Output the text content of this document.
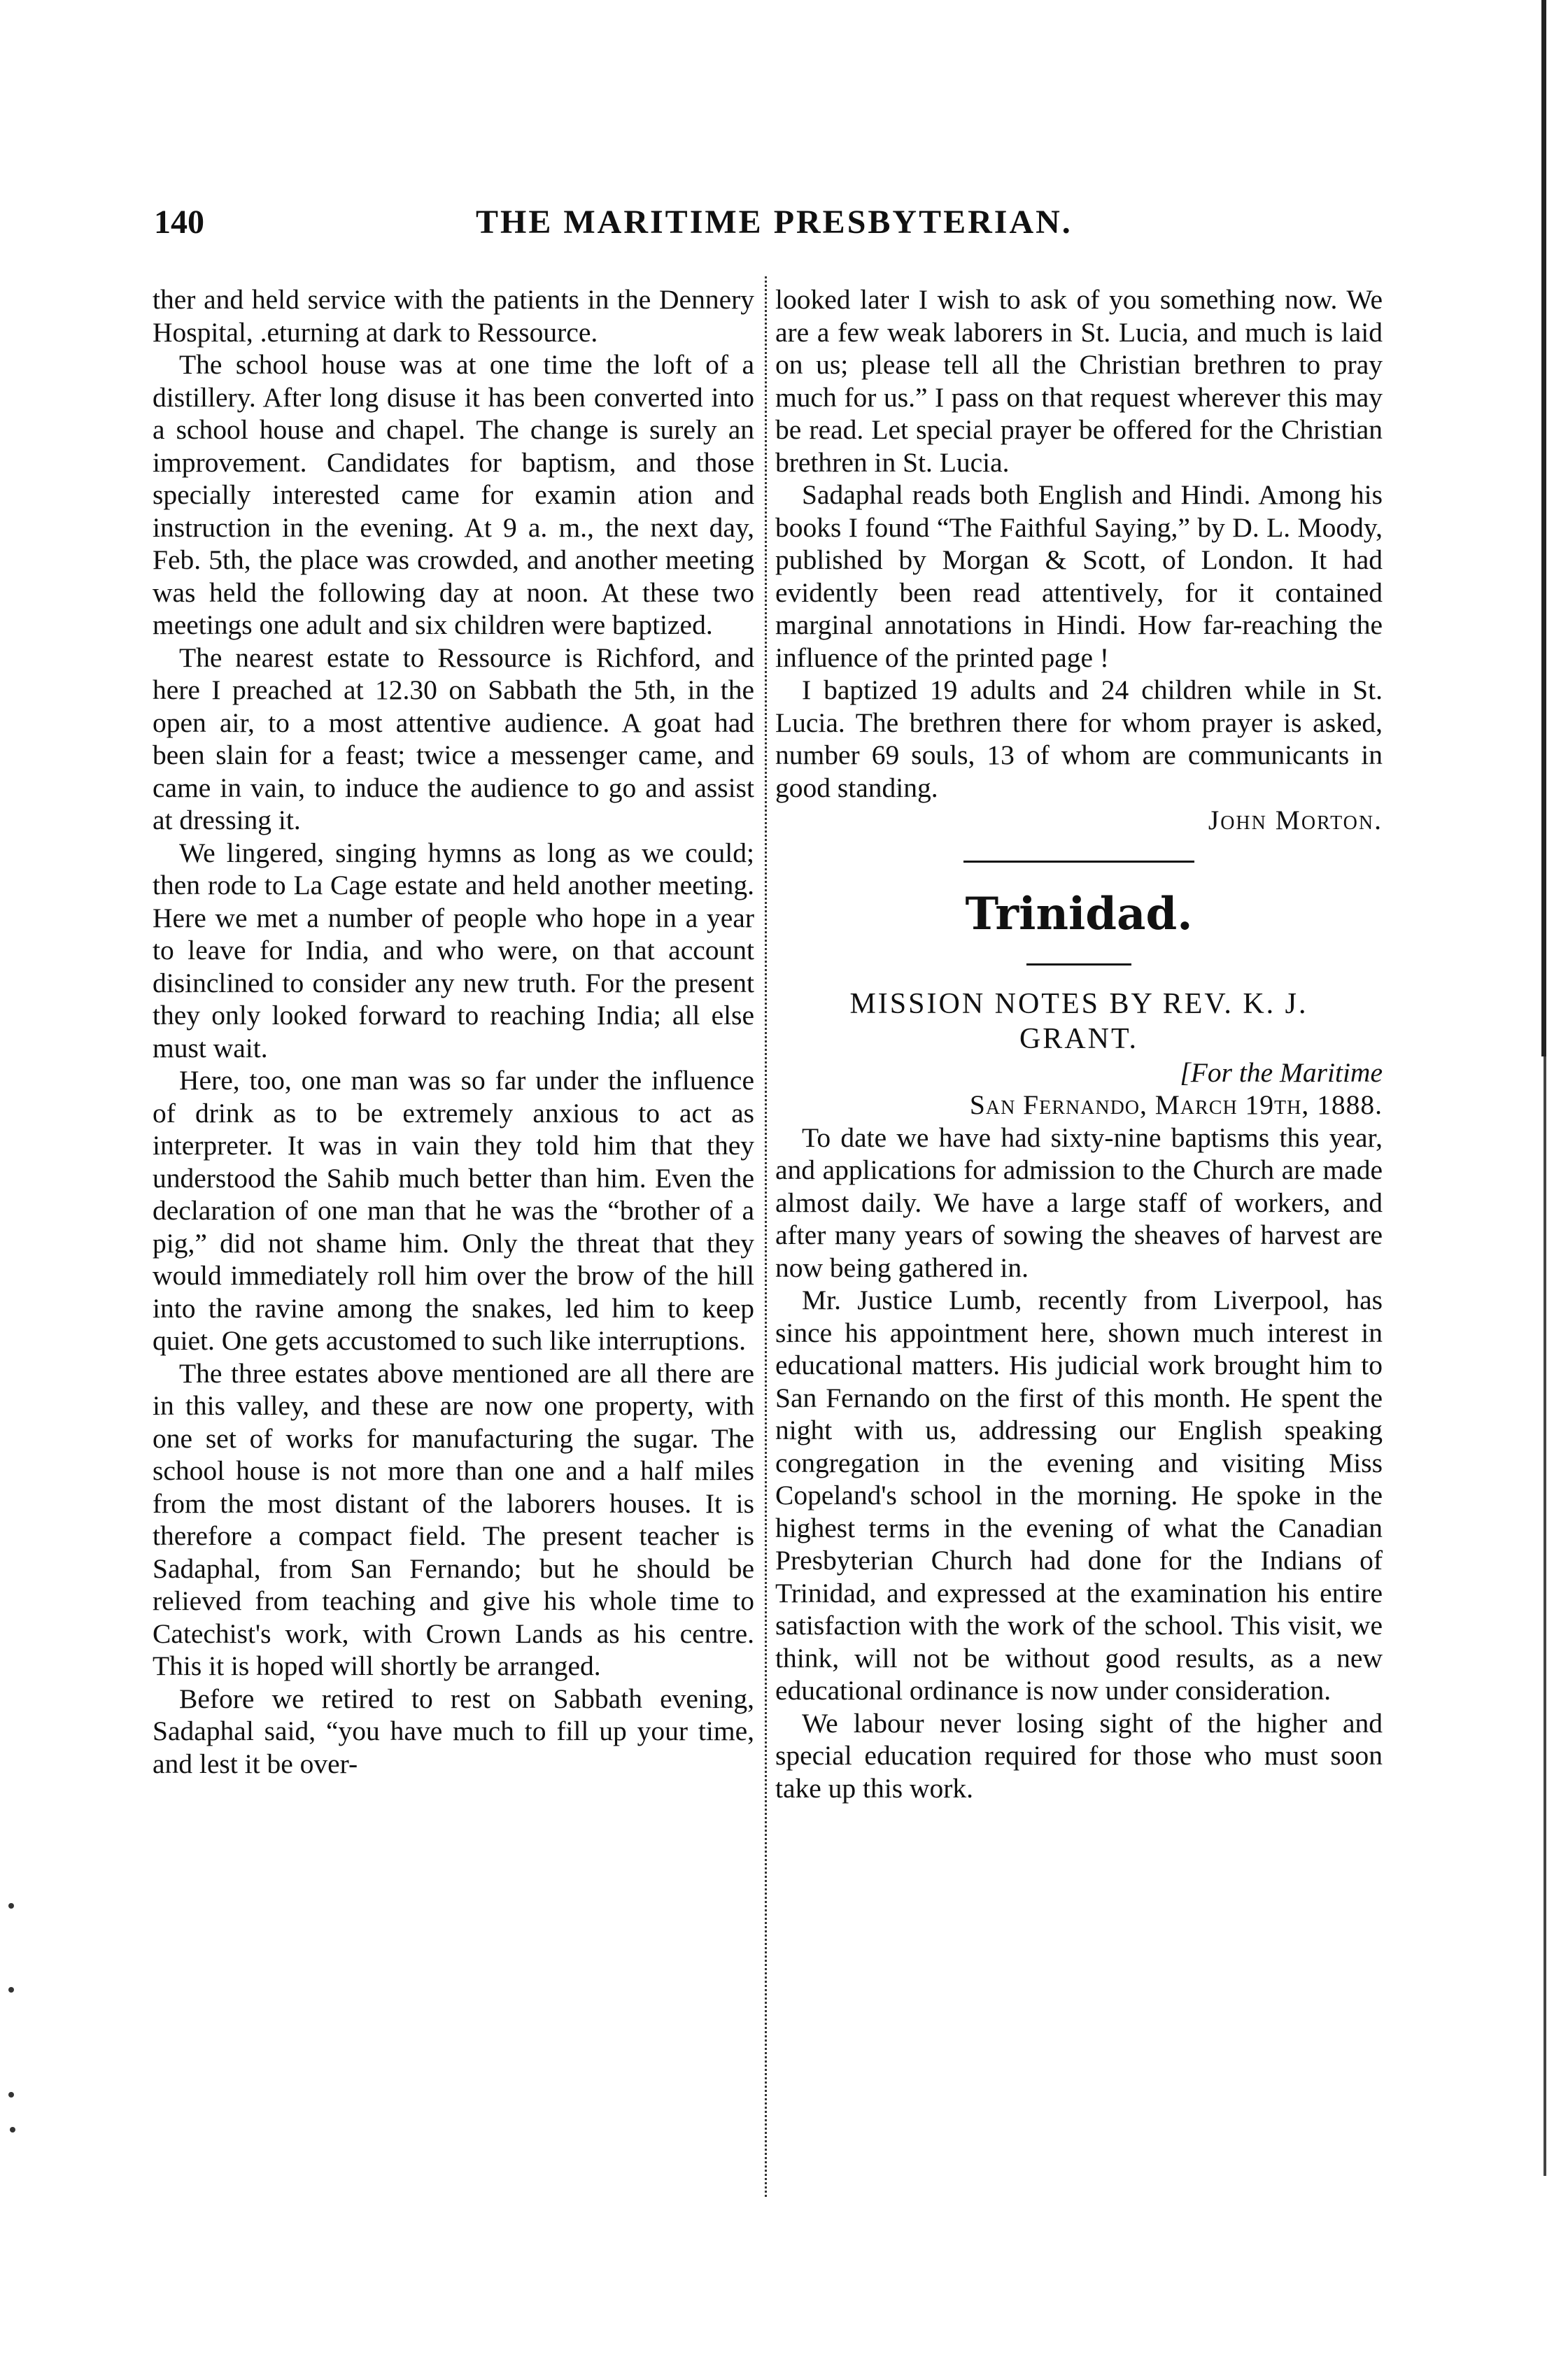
140	THE MARITIME PRESBYTERIAN.

ther and held service with the patients in the Dennery Hospital, .eturning at dark to Ressource.

The school house was at one time the loft of a distillery. After long disuse it has been converted into a school house and chapel. The change is surely an improvement. Candidates for baptism, and those specially interested came for examin ation and instruction in the evening. At 9 a. m., the next day, Feb. 5th, the place was crowded, and another meeting was held the following day at noon. At these two meetings one adult and six children were baptized.

The nearest estate to Ressource is Richford, and here I preached at 12.30 on Sabbath the 5th, in the open air, to a most attentive audience. A goat had been slain for a feast; twice a messenger came, and came in vain, to induce the audience to go and assist at dressing it.

We lingered, singing hymns as long as we could; then rode to La Cage estate and held another meeting. Here we met a number of people who hope in a year to leave for India, and who were, on that account disinclined to consider any new truth. For the present they only looked forward to reaching India; all else must wait.

Here, too, one man was so far under the influence of drink as to be extremely anxious to act as interpreter. It was in vain they told him that they understood the Sahib much better than him. Even the declaration of one man that he was the “brother of a pig,” did not shame him. Only the threat that they would immediately roll him over the brow of the hill into the ravine among the snakes, led him to keep quiet. One gets accustomed to such like interruptions.

The three estates above mentioned are all there are in this valley, and these are now one property, with one set of works for manufacturing the sugar. The school house is not more than one and a half miles from the most distant of the laborers houses. It is therefore a compact field. The present teacher is Sadaphal, from San Fernando; but he should be relieved from teaching and give his whole time to Catechist's work, with Crown Lands as his centre. This it is hoped will shortly be arranged.

Before we retired to rest on Sabbath evening, Sadaphal said, “you have much to fill up your time, and lest it be over-

looked later I wish to ask of you something now. We are a few weak laborers in St. Lucia, and much is laid on us; please tell all the Christian brethren to pray much for us.” I pass on that request wherever this may be read. Let special prayer be offered for the Christian brethren in St. Lucia.

Sadaphal reads both English and Hindi. Among his books I found “The Faithful Saying,” by D. L. Moody, published by Morgan & Scott, of London. It had evidently been read attentively, for it contained marginal annotations in Hindi. How far-reaching the influence of the printed page !

I baptized 19 adults and 24 children while in St. Lucia. The brethren there for whom prayer is asked, number 69 souls, 13 of whom are communicants in good standing.

John Morton.

Trinidad.
MISSION NOTES BY REV. K. J.
GRANT.

[For the Maritime

San Fernando, March 19th, 1888.

To date we have had sixty-nine baptisms this year, and applications for admission to the Church are made almost daily. We have a large staff of workers, and after many years of sowing the sheaves of harvest are now being gathered in.

Mr. Justice Lumb, recently from Liverpool, has since his appointment here, shown much interest in educational matters. His judicial work brought him to San Fernando on the first of this month. He spent the night with us, addressing our English speaking congregation in the evening and visiting Miss Copeland's school in the morning. He spoke in the highest terms in the evening of what the Canadian Presbyterian Church had done for the Indians of Trinidad, and expressed at the examination his entire satisfaction with the work of the school. This visit, we think, will not be without good results, as a new educational ordinance is now under consideration.

We labour never losing sight of the higher and special education required for those who must soon take up this work.
